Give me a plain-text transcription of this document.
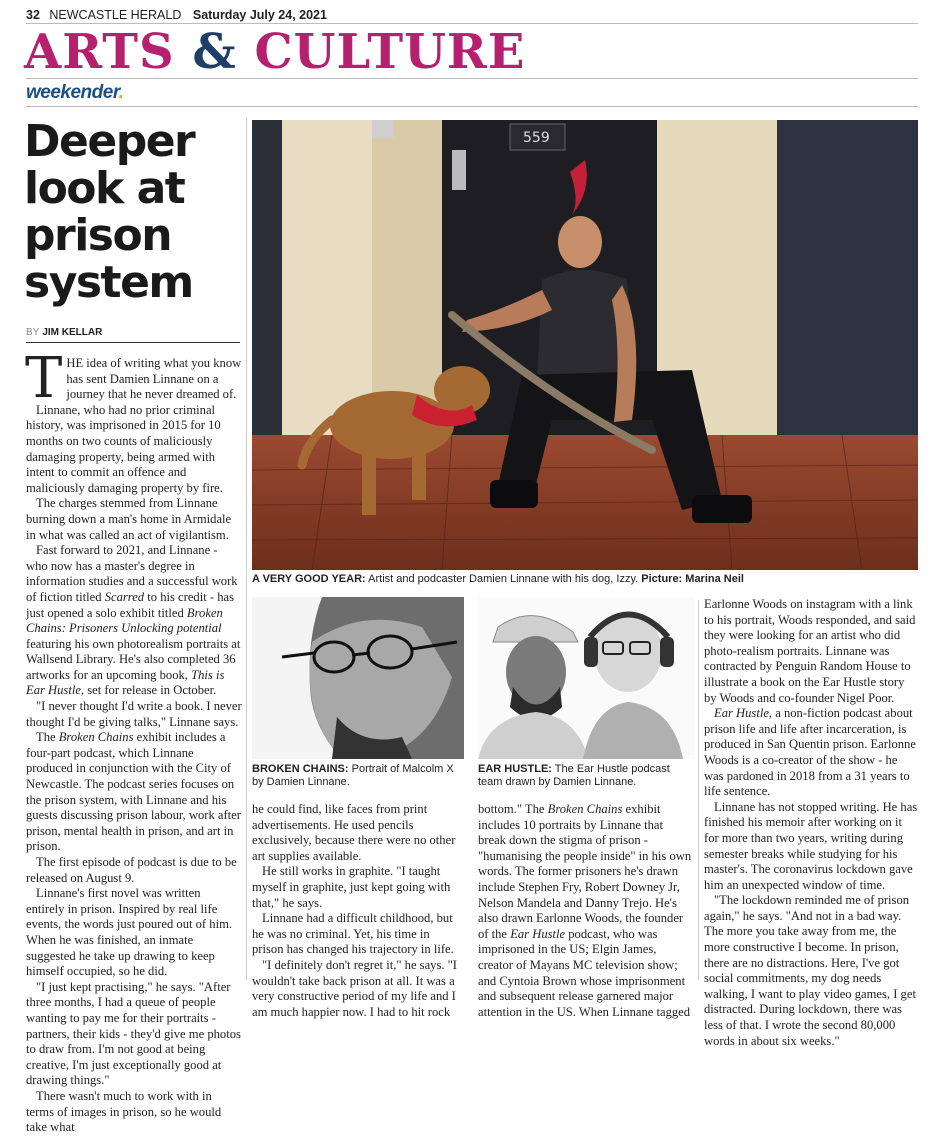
32 NEWCASTLE HERALD Saturday July 24, 2021
ARTS & CULTURE
weekender.
Deeper look at prison system
BY JIM KELLAR

THE idea of writing what you know has sent Damien Linnane on a journey that he never dreamed of.

Linnane, who had no prior criminal history, was imprisoned in 2015 for 10 months on two counts of maliciously damaging property, being armed with intent to commit an offence and maliciously damaging property by fire.

The charges stemmed from Linnane burning down a man's home in Armidale in what was called an act of vigilantism.

Fast forward to 2021, and Linnane - who now has a master's degree in information studies and a successful work of fiction titled Scarred to his credit - has just opened a solo exhibit titled Broken Chains: Prisoners Unlocking potential featuring his own photorealism portraits at Wallsend Library. He's also completed 36 artworks for an upcoming book, This is Ear Hustle, set for release in October.

"I never thought I'd write a book. I never thought I'd be giving talks," Linnane says.

The Broken Chains exhibit includes a four-part podcast, which Linnane produced in conjunction with the City of Newcastle. The podcast series focuses on the prison system, with Linnane and his guests discussing prison labour, work after prison, mental health in prison, and art in prison.

The first episode of podcast is due to be released on August 9.

Linnane's first novel was written entirely in prison. Inspired by real life events, the words just poured out of him. When he was finished, an inmate suggested he take up drawing to keep himself occupied, so he did.

"I just kept practising," he says. "After three months, I had a queue of people wanting to pay me for their portraits - partners, their kids - they'd give me photos to draw from. I'm not good at being creative, I'm just exceptionally good at drawing things."

There wasn't much to work with in terms of images in prison, so he would take what

559
A VERY GOOD YEAR: Artist and podcaster Damien Linnane with his dog, Izzy. Picture: Marina Neil
BROKEN CHAINS: Portrait of Malcolm X by Damien Linnane.
EAR HUSTLE: The Ear Hustle podcast team drawn by Damien Linnane.

he could find, like faces from print advertisements. He used pencils exclusively, because there were no other art supplies available.

He still works in graphite. "I taught myself in graphite, just kept going with that," he says.

Linnane had a difficult childhood, but he was no criminal. Yet, his time in prison has changed his trajectory in life.

"I definitely don't regret it," he says. "I wouldn't take back prison at all. It was a very constructive period of my life and I am much happier now. I had to hit rock

bottom." The Broken Chains exhibit includes 10 portraits by Linnane that break down the stigma of prison - "humanising the people inside" in his own words. The former prisoners he's drawn include Stephen Fry, Robert Downey Jr, Nelson Mandela and Danny Trejo. He's also drawn Earlonne Woods, the founder of the Ear Hustle podcast, who was imprisoned in the US; Elgin James, creator of Mayans MC television show; and Cyntoia Brown whose imprisonment and subsequent release garnered major attention in the US. When Linnane tagged

Earlonne Woods on instagram with a link to his portrait, Woods responded, and said they were looking for an artist who did photo-realism portraits. Linnane was contracted by Penguin Random House to illustrate a book on the Ear Hustle story by Woods and co-founder Nigel Poor.

Ear Hustle, a non-fiction podcast about prison life and life after incarceration, is produced in San Quentin prison. Earlonne Woods is a co-creator of the show - he was pardoned in 2018 from a 31 years to life sentence.

Linnane has not stopped writing. He has finished his memoir after working on it for more than two years, writing during semester breaks while studying for his master's. The coronavirus lockdown gave him an unexpected window of time.

"The lockdown reminded me of prison again," he says. "And not in a bad way. The more you take away from me, the more constructive I become. In prison, there are no distractions. Here, I've got social commitments, my dog needs walking, I want to play video games, I get distracted. During lockdown, there was less of that. I wrote the second 80,000 words in about six weeks."
